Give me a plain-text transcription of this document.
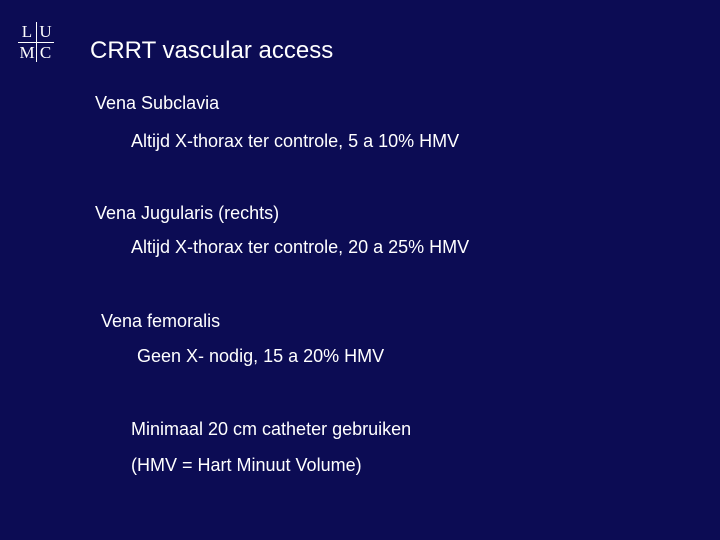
L U
M C CRRT vascular access
Vena Subclavia
Altijd X-thorax ter controle, 5 a 10% HMV
Vena Jugularis (rechts)
Altijd X-thorax ter controle, 20 a 25% HMV
Vena femoralis
Geen X- nodig, 15 a 20% HMV
Minimaal 20 cm catheter gebruiken
(HMV = Hart Minuut Volume)
